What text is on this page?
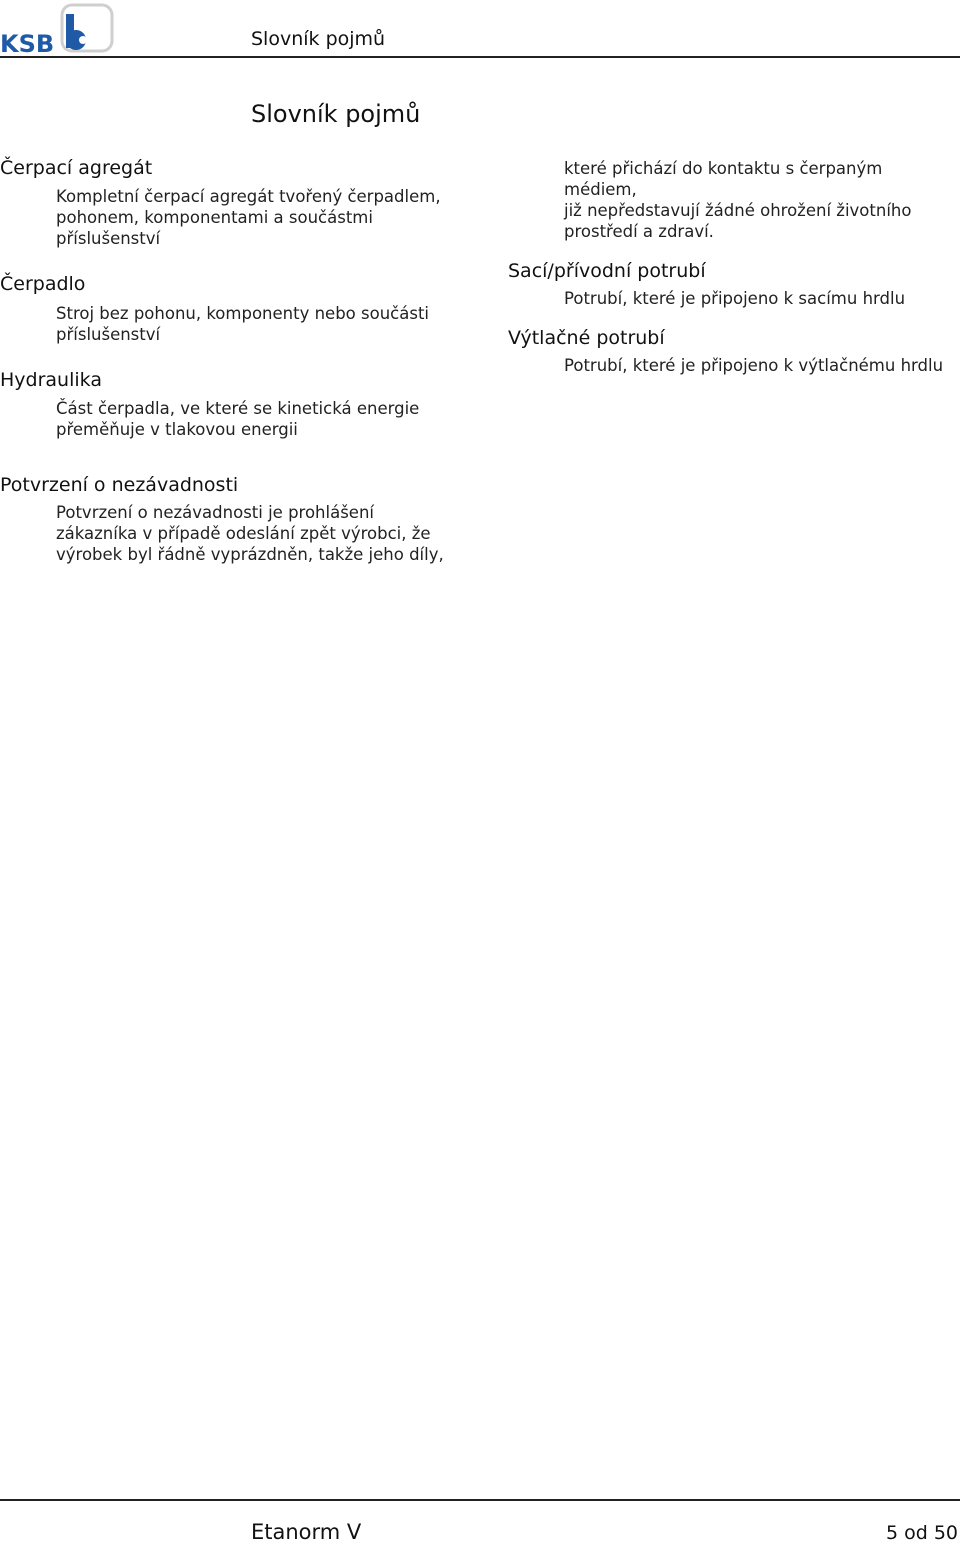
KSB	Slovník pojmů
Slovník pojmů
Čerpací agregát

Kompletní čerpací agregát tvořený čerpadlem,
pohonem, komponentami a součástmi
příslušenství

Čerpadlo

Stroj bez pohonu, komponenty nebo součásti
příslušenství

Hydraulika

Část čerpadla, ve které se kinetická energie
přeměňuje v tlakovou energii

Potvrzení o nezávadnosti

Potvrzení o nezávadnosti je prohlášení
zákazníka v případě odeslání zpět výrobci, že
výrobek byl řádně vyprázdněn, takže jeho díly,

které přichází do kontaktu s čerpaným médiem,
již nepředstavují žádné ohrožení životního
prostředí a zdraví.

Sací/přívodní potrubí

Potrubí, které je připojeno k sacímu hrdlu

Výtlačné potrubí

Potrubí, které je připojeno k výtlačnému hrdlu

Etanorm V	5 od 50
